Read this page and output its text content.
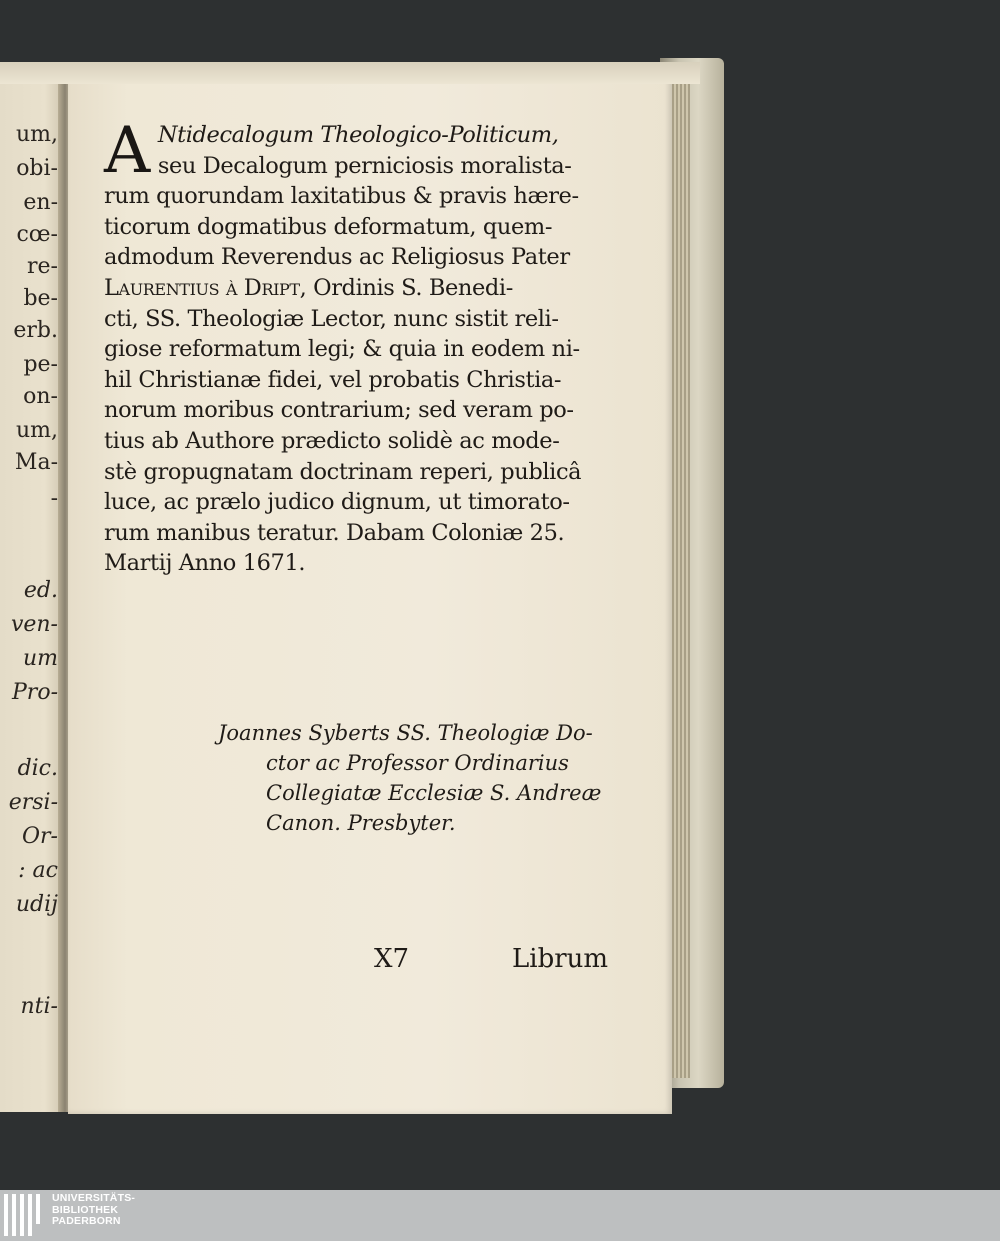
um,
obi-
en-
cœ-
re-
be-
erb.
pe-
on-
um,
Ma-
-
ed.
ven-
um
Pro-
dic.
ersi-
Or-
: ac
udij
nti-

A Ntidecalogum Theologico-Politicum,
seu Decalogum perniciosis moralista-
rum quorundam laxitatibus & pravis hære-
ticorum dogmatibus deformatum, quem-
admodum Reverendus ac Religiosus Pater
Laurentius à Dript, Ordinis S. Benedi-
cti, SS. Theologiæ Lector, nunc sistit reli-
giose reformatum legi; & quia in eodem ni-
hil Christianæ fidei, vel probatis Christia-
norum moribus contrarium; sed veram po-
tius ab Authore prædicto solidè ac mode-
stè gropugnatam doctrinam reperi, publicâ
luce, ac prælo judico dignum, ut timorato-
rum manibus teratur. Dabam Coloniæ 25.
Martij Anno 1671.
Joannes Syberts SS. Theologiæ Do-
ctor ac Professor Ordinarius
Collegiatæ Ecclesiæ S. Andreæ
Canon. Presbyter.
X7	Librum
UNIVERSITÄTS-
BIBLIOTHEK
PADERBORN
